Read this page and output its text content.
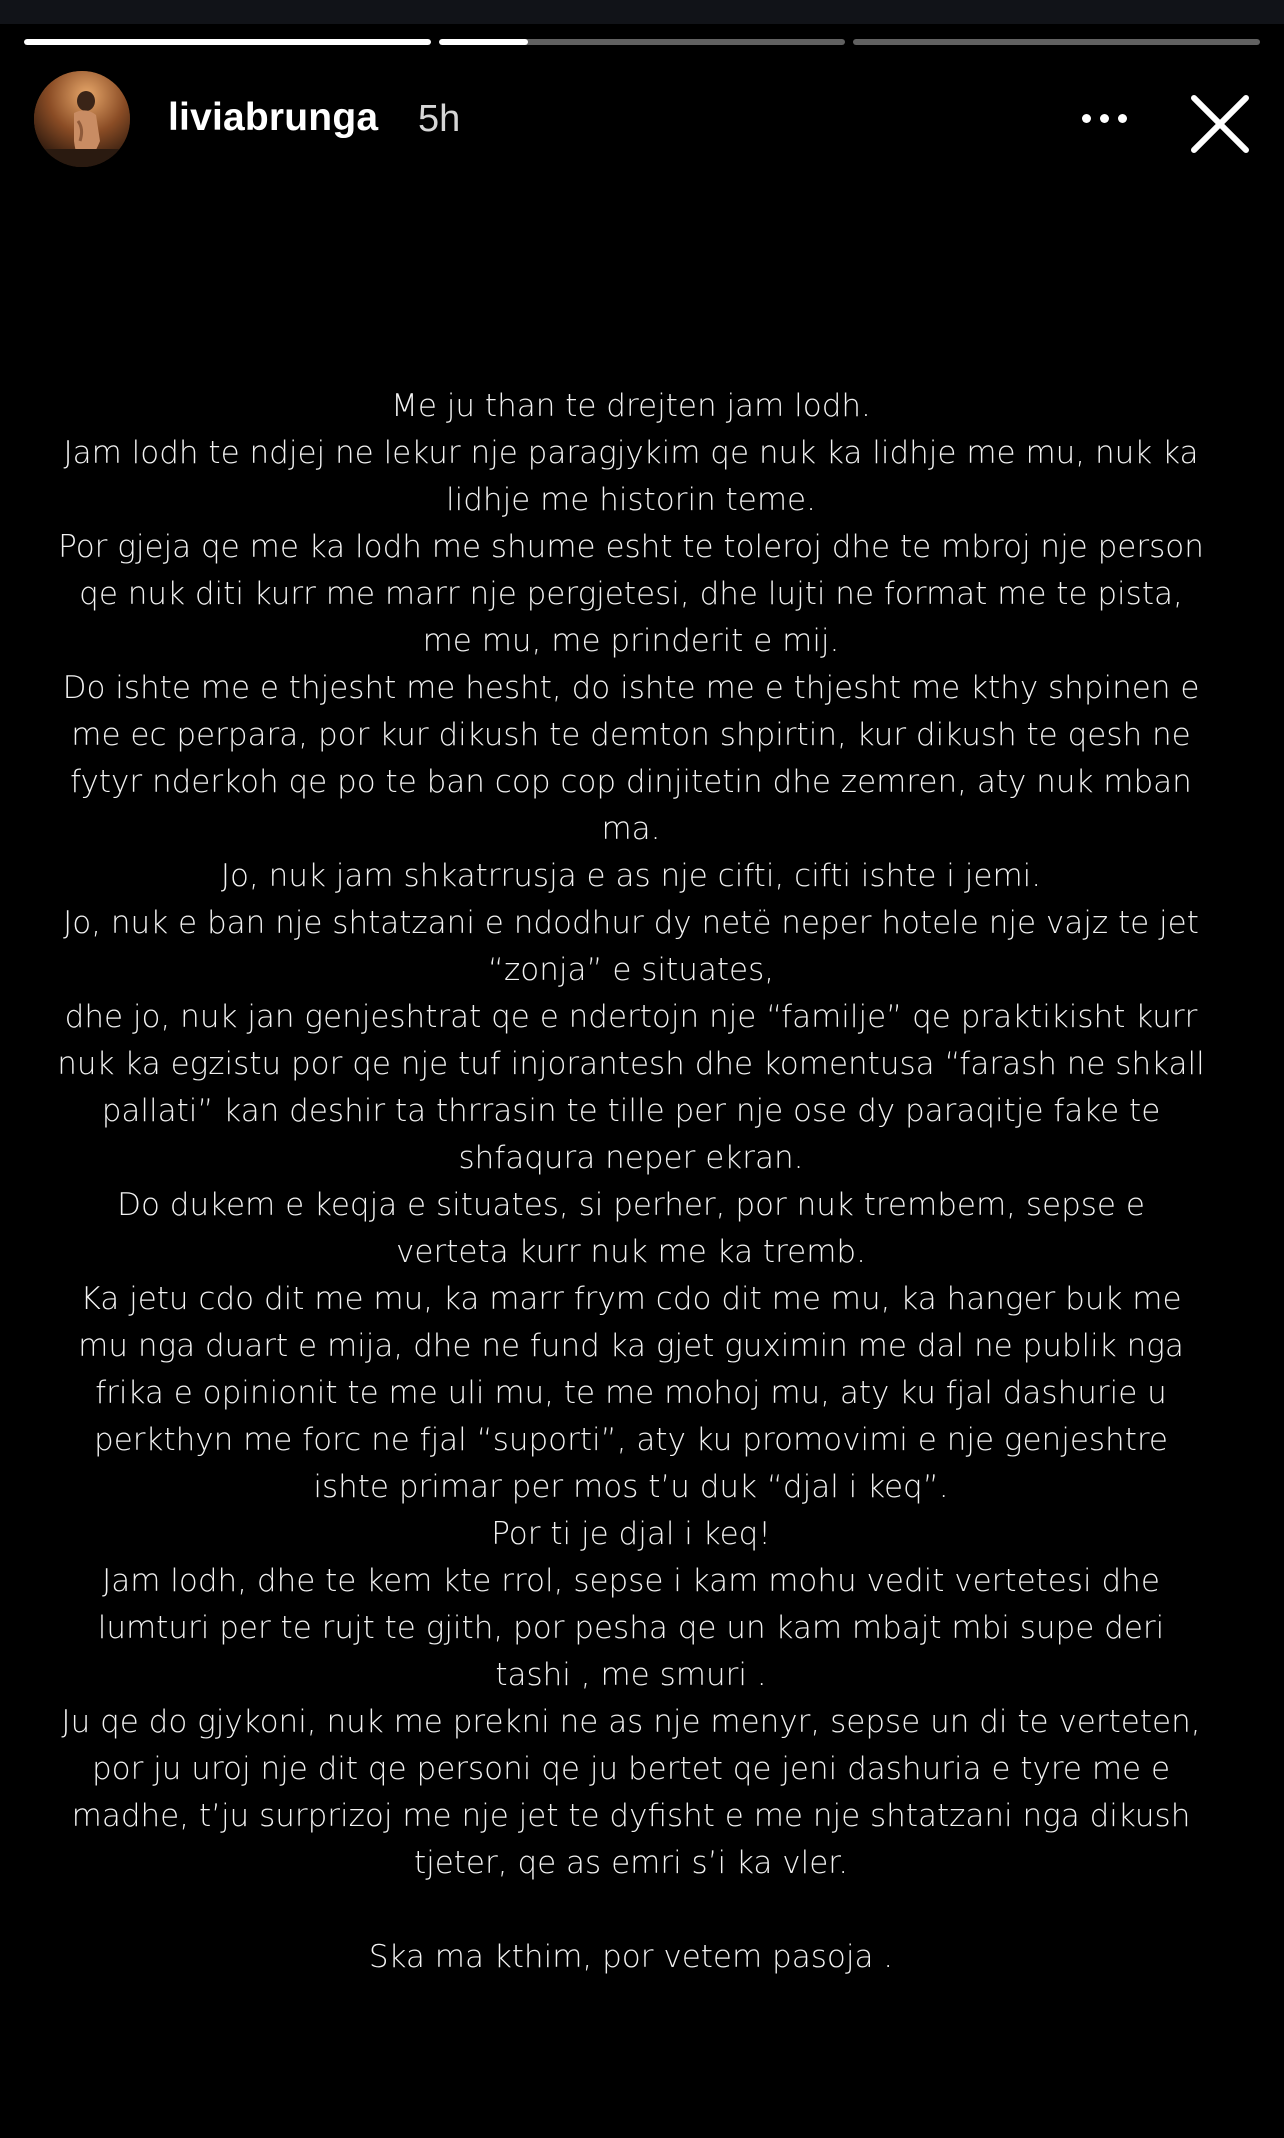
liviabrunga 5h

Me ju than te drejten jam lodh.

Jam lodh te ndjej ne lekur nje paragjykim qe nuk ka lidhje me mu, nuk ka lidhje me historin teme.

Por gjeja qe me ka lodh me shume esht te toleroj dhe te mbroj nje person qe nuk diti kurr me marr nje pergjetesi, dhe lujti ne format me te pista, me mu, me prinderit e mij.

Do ishte me e thjesht me hesht, do ishte me e thjesht me kthy shpinen e me ec perpara, por kur dikush te demton shpirtin, kur dikush te qesh ne fytyr nderkoh qe po te ban cop cop dinjitetin dhe zemren, aty nuk mban ma.

Jo, nuk jam shkatrrusja e as nje cifti, cifti ishte i jemi.

Jo, nuk e ban nje shtatzani e ndodhur dy netë neper hotele nje vajz te jet “zonja” e situates,

dhe jo, nuk jan genjeshtrat qe e ndertojn nje “familje” qe praktikisht kurr nuk ka egzistu por qe nje tuf injorantesh dhe komentusa “farash ne shkall pallati” kan deshir ta thrrasin te tille per nje ose dy paraqitje fake te shfaqura neper ekran.

Do dukem e keqja e situates, si perher, por nuk trembem, sepse e verteta kurr nuk me ka tremb.

Ka jetu cdo dit me mu, ka marr frym cdo dit me mu, ka hanger buk me mu nga duart e mija, dhe ne fund ka gjet guximin me dal ne publik nga frika e opinionit te me uli mu, te me mohoj mu, aty ku fjal dashurie u perkthyn me forc ne fjal “suporti”, aty ku promovimi e nje genjeshtre ishte primar per mos t’u duk “djal i keq”.

Por ti je djal i keq!

Jam lodh, dhe te kem kte rrol, sepse i kam mohu vedit vertetesi dhe lumturi per te rujt te gjith, por pesha qe un kam mbajt mbi supe deri tashi , me smuri .

Ju qe do gjykoni, nuk me prekni ne as nje menyr, sepse un di te verteten, por ju uroj nje dit qe personi qe ju bertet qe jeni dashuria e tyre me e madhe, t’ju surprizoj me nje jet te dyfisht e me nje shtatzani nga dikush tjeter, qe as emri s’i ka vler.

Ska ma kthim, por vetem pasoja .
